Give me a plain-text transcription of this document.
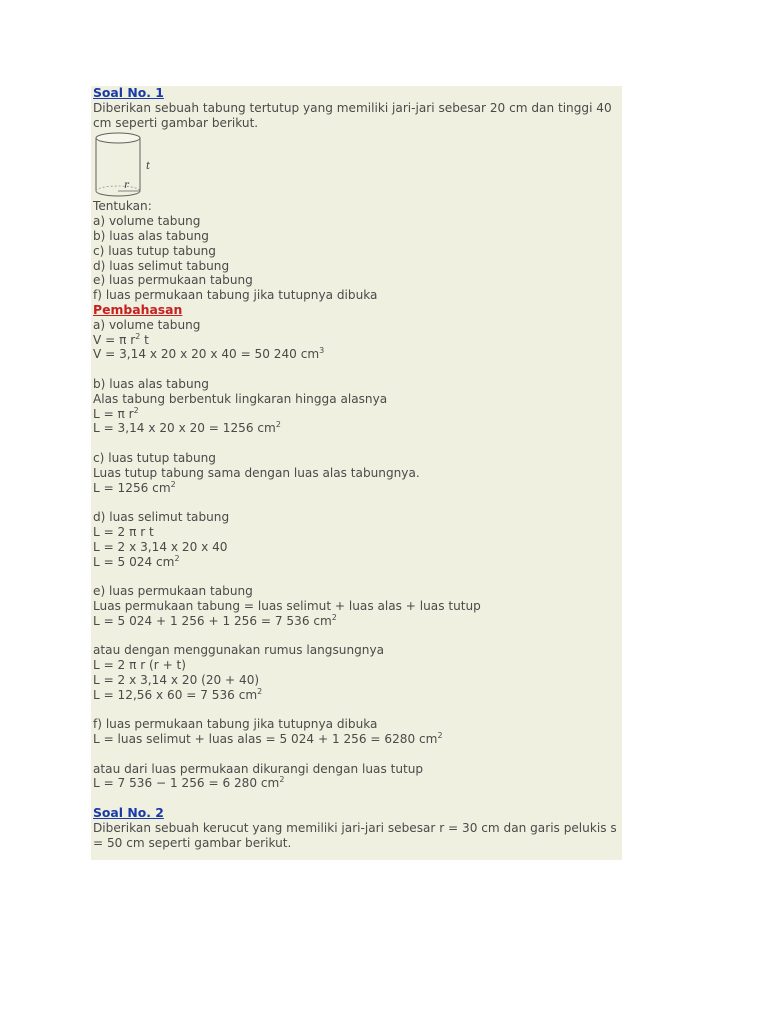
Soal No. 1
Diberikan sebuah tabung tertutup yang memiliki jari-jari sebesar 20 cm dan tinggi 40 cm seperti gambar berikut.
t
r
Tentukan:
a) volume tabung
b) luas alas tabung
c) luas tutup tabung
d) luas selimut tabung
e) luas permukaan tabung
f) luas permukaan tabung jika tutupnya dibuka
Pembahasan
a) volume tabung
V = π $r^2$ t
V = 3,14 x 20 x 20 x 40 = 50 240 $cm^3$
b) luas alas tabung
Alas tabung berbentuk lingkaran hingga alasnya
L = π $r^2$
L = 3,14 x 20 x 20 = 1256 $cm^2$
c) luas tutup tabung
Luas tutup tabung sama dengan luas alas tabungnya.
L = 1256 $cm^2$
d) luas selimut tabung
L = 2 π r t
L = 2 x 3,14 x 20 x 40
L = 5 024 $cm^2$
e) luas permukaan tabung
Luas permukaan tabung = luas selimut + luas alas + luas tutup
L = 5 024 + 1 256 + 1 256 = 7 536 $cm^2$
atau dengan menggunakan rumus langsungnya
L = 2 π r (r + t)
L = 2 x 3,14 x 20 (20 + 40)
L = 12,56 x 60 = 7 536 $cm^2$
f) luas permukaan tabung jika tutupnya dibuka
L = luas selimut + luas alas = 5 024 + 1 256 = 6280 $cm^2$
atau dari luas permukaan dikurangi dengan luas tutup
L = 7 536 − 1 256 = 6 280 $cm^2$
Soal No. 2
Diberikan sebuah kerucut yang memiliki jari-jari sebesar r = 30 cm dan garis pelukis s = 50 cm seperti gambar berikut.
